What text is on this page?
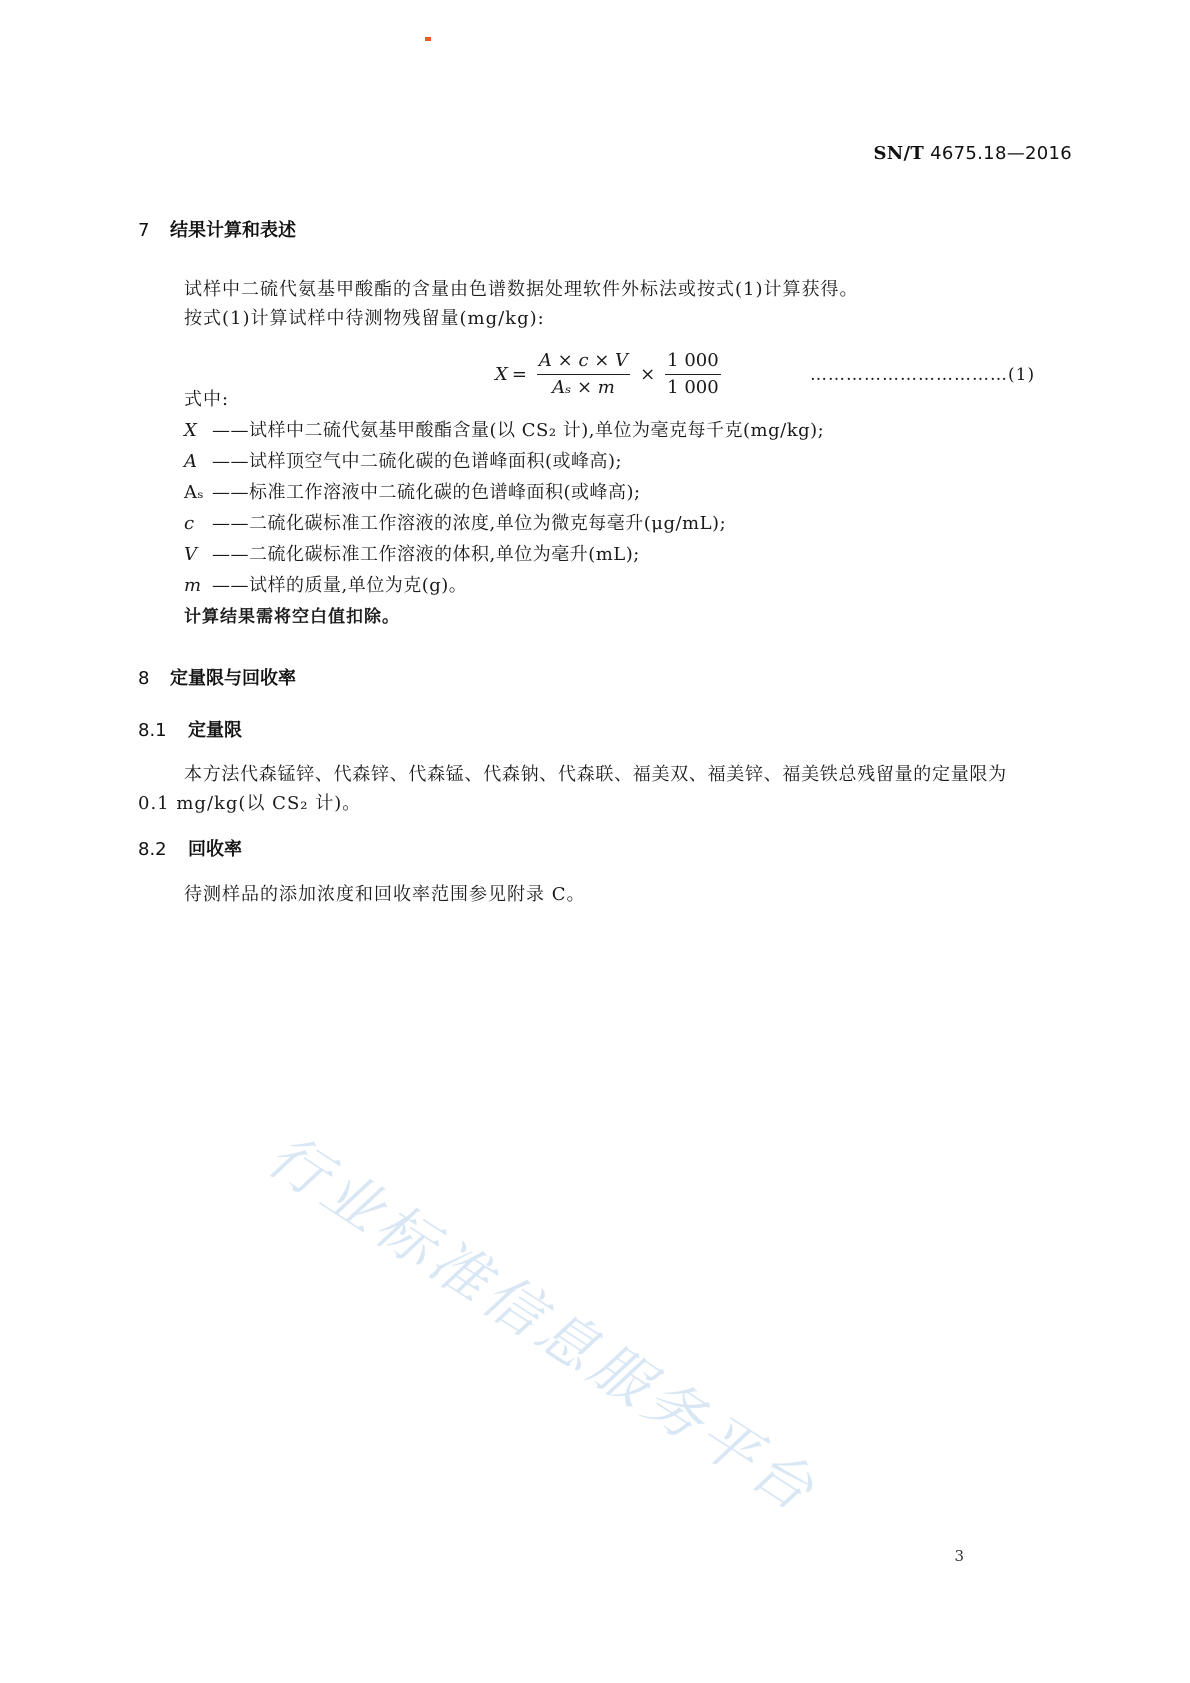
SN/T 4675.18—2016
7 结果计算和表述
试样中二硫代氨基甲酸酯的含量由色谱数据处理软件外标法或按式(1)计算获得。
按式(1)计算试样中待测物残留量(mg/kg):
$X = \frac{A \times c \times V}{\text{Aₛ × m}} \times \frac{1 000}{1 000}$	……………………………(1)
式中:
X ——试样中二硫代氨基甲酸酯含量(以 CS₂ 计),单位为毫克每千克(mg/kg);
A ——试样顶空气中二硫化碳的色谱峰面积(或峰高);
Aₛ ——标准工作溶液中二硫化碳的色谱峰面积(或峰高);
c ——二硫化碳标准工作溶液的浓度,单位为微克每毫升(μg/mL);
V ——二硫化碳标准工作溶液的体积,单位为毫升(mL);
m ——试样的质量,单位为克(g)。
计算结果需将空白值扣除。
8 定量限与回收率
8.1 定量限
本方法代森锰锌、代森锌、代森锰、代森钠、代森联、福美双、福美锌、福美铁总残留量的定量限为
0.1 mg/kg(以 CS₂ 计)。
8.2 回收率
待测样品的添加浓度和回收率范围参见附录 C。
行业标准信息服务平台
3
